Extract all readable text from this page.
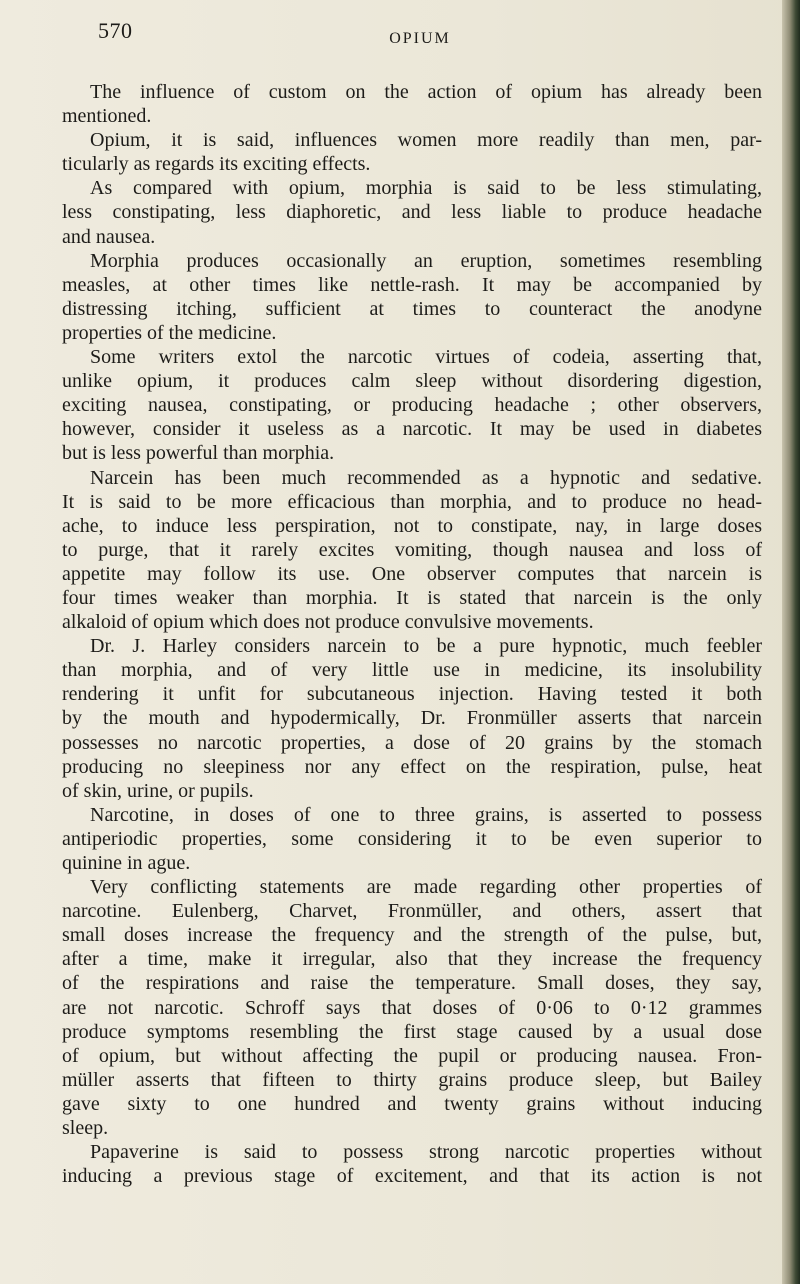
570	OPIUM
The influence of custom on the action of opium has already been
mentioned.
Opium, it is said, influences women more readily than men, par-
ticularly as regards its exciting effects.
As compared with opium, morphia is said to be less stimulating,
less constipating, less diaphoretic, and less liable to produce headache
and nausea.
Morphia produces occasionally an eruption, sometimes resembling
measles, at other times like nettle-rash. It may be accompanied by
distressing itching, sufficient at times to counteract the anodyne
properties of the medicine.
Some writers extol the narcotic virtues of codeia, asserting that,
unlike opium, it produces calm sleep without disordering digestion,
exciting nausea, constipating, or producing headache ; other observers,
however, consider it useless as a narcotic. It may be used in diabetes
but is less powerful than morphia.
Narcein has been much recommended as a hypnotic and sedative.
It is said to be more efficacious than morphia, and to produce no head-
ache, to induce less perspiration, not to constipate, nay, in large doses
to purge, that it rarely excites vomiting, though nausea and loss of
appetite may follow its use. One observer computes that narcein is
four times weaker than morphia. It is stated that narcein is the only
alkaloid of opium which does not produce convulsive movements.
Dr. J. Harley considers narcein to be a pure hypnotic, much feebler
than morphia, and of very little use in medicine, its insolubility
rendering it unfit for subcutaneous injection. Having tested it both
by the mouth and hypodermically, Dr. Fronmüller asserts that narcein
possesses no narcotic properties, a dose of 20 grains by the stomach
producing no sleepiness nor any effect on the respiration, pulse, heat
of skin, urine, or pupils.
Narcotine, in doses of one to three grains, is asserted to possess
antiperiodic properties, some considering it to be even superior to
quinine in ague.
Very conflicting statements are made regarding other properties of
narcotine. Eulenberg, Charvet, Fronmüller, and others, assert that
small doses increase the frequency and the strength of the pulse, but,
after a time, make it irregular, also that they increase the frequency
of the respirations and raise the temperature. Small doses, they say,
are not narcotic. Schroff says that doses of 0·06 to 0·12 grammes
produce symptoms resembling the first stage caused by a usual dose
of opium, but without affecting the pupil or producing nausea. Fron-
müller asserts that fifteen to thirty grains produce sleep, but Bailey
gave sixty to one hundred and twenty grains without inducing
sleep.
Papaverine is said to possess strong narcotic properties without
inducing a previous stage of excitement, and that its action is not
